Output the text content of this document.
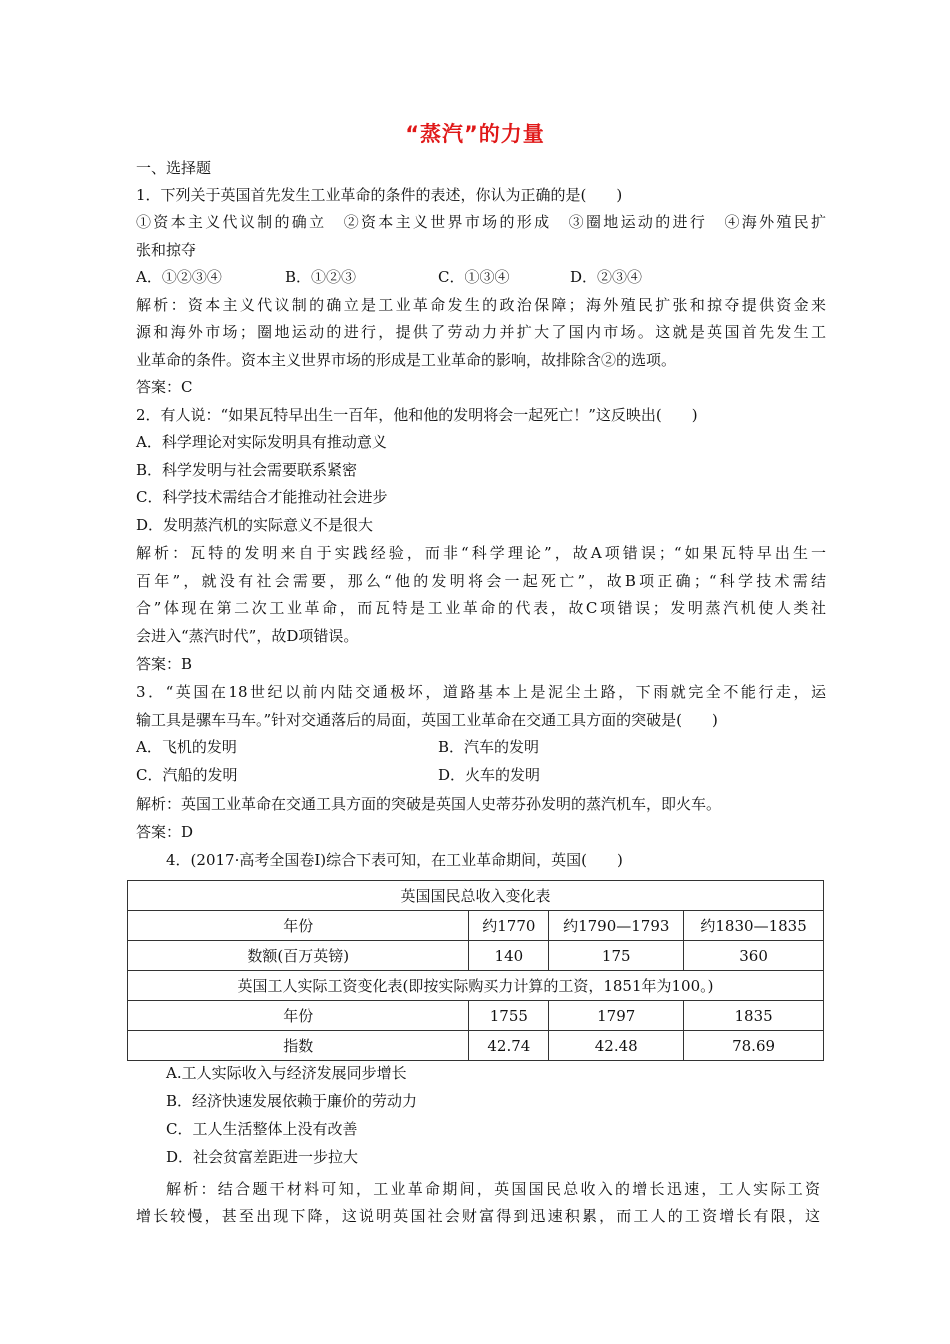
“蒸汽”的力量
一、选择题
1．下列关于英国首先发生工业革命的条件的表述，你认为正确的是(　　)
①资本主义代议制的确立　②资本主义世界市场的形成　③圈地运动的进行　④海外殖民扩
张和掠夺
A．①②③④	B．①②③	C．①③④	D．②③④
解析：资本主义代议制的确立是工业革命发生的政治保障；海外殖民扩张和掠夺提供资金来
源和海外市场；圈地运动的进行，提供了劳动力并扩大了国内市场。这就是英国首先发生工
业革命的条件。资本主义世界市场的形成是工业革命的影响，故排除含②的选项。
答案：C
2．有人说：“如果瓦特早出生一百年，他和他的发明将会一起死亡！”这反映出(　　)
A．科学理论对实际发明具有推动意义
B．科学发明与社会需要联系紧密
C．科学技术需结合才能推动社会进步
D．发明蒸汽机的实际意义不是很大
解析：瓦特的发明来自于实践经验，而非“科学理论”，故A项错误；“如果瓦特早出生一
百年”，就没有社会需要，那么“他的发明将会一起死亡”，故B项正确；“科学技术需结
合”体现在第二次工业革命，而瓦特是工业革命的代表，故C项错误；发明蒸汽机使人类社
会进入“蒸汽时代”，故D项错误。
答案：B
3．“英国在18世纪以前内陆交通极坏，道路基本上是泥尘土路，下雨就完全不能行走，运
输工具是骡车马车。”针对交通落后的局面，英国工业革命在交通工具方面的突破是(　　)
A．飞机的发明	B．汽车的发明
C．汽船的发明	D．火车的发明
解析：英国工业革命在交通工具方面的突破是英国人史蒂芬孙发明的蒸汽机车，即火车。
答案：D
4．(2017·高考全国卷Ⅰ)综合下表可知，在工业革命期间，英国(　　)
英国国民总收入变化表			
年份	约1770	约1790—1793	约1830—1835
数额(百万英镑)	140	175	360
英国工人实际工资变化表(即按实际购买力计算的工资，1851年为100。)			
年份	1755	1797	1835
指数	42.74	42.48	78.69
A.工人实际收入与经济发展同步增长
B．经济快速发展依赖于廉价的劳动力
C．工人生活整体上没有改善
D．社会贫富差距进一步拉大
解析：结合题干材料可知，工业革命期间，英国国民总收入的增长迅速，工人实际工资
增长较慢，甚至出现下降，这说明英国社会财富得到迅速积累，而工人的工资增长有限，这
